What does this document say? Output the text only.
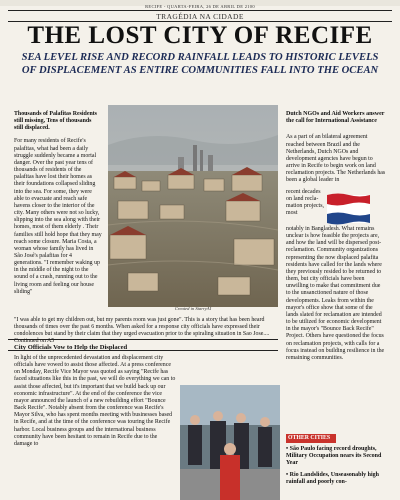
RECIFE - QUARTA-FEIRA, 26 DE ABRIL DE 2100
TRAGÉDIA NA CIDADE
THE LOST CITY OF RECIFE
SEA LEVEL RISE AND RECORD RAINFALL LEADS TO HISTORIC LEVELS OF DISPLACEMENT AS ENTIRE COMMUNITIES FALL INTO THE OCEAN

Thousands of Palafitas Residents still missing, Tens of thousands still displaced.

For many residents of Recife's palafitas, what had been a daily struggle suddenly became a mortal danger. Over the past year tens of thousands of residents of the palafitas have lost their homes as their foundations collapsed sliding into the sea. For some, they were able to evacuate and reach safe havens closer to the interior of the city. Many others were not so lucky, slipping into the sea along with their homes, most of them elderly . Their families still hold hope that they may reach some closure. Maria Costa, a woman whose family has lived in São José's palafitas for 4 generations. "I remember waking up in the middle of the night to the sound of a crash, running out to the living room and feeling our house sliding"

Created in StarryAI

"I was able to get my children out, but my parents room was just gone". This is a story that has been heard thousands of times over the past 6 months. When asked for a response city officials have expressed their condolences but stand by their claim that they urged evacuation prior to the spiraling situation in Sao Jose.... Continued on A5

Dutch NGOs and Aid Workers answer the call for International Assistance

As a part of an bilateral agreement reached between Brazil and the Netherlands, Dutch NGOs and development agencies have begun to arrive in Recife to begin work on land reclamation projects. The Netherlands has been a global leader in

recent decades on land recla- mation projects, most

notably in Bangladesh. What remains unclear is how feasible the projects are, and how the land will be dispersed post-reclamation. Community organizations representing the now displaced palafita residents have called for the lands where they previously resided to be returned to them, but city officials have been unwilling to make that commitment due to the unsanctioned nature of those developments. Leaks from within the mayor's office show that some of the lands slated for reclamation are intended to be utilized for economic development in the mayor's "Bounce Back Recife" Project. Others have questioned the focus on reclamation projects, with calls for a focus instead on building resilience in the remaining communities.

City Officials Vow to Help the Displaced

In light of the unprecedented devastation and displacement city officials have vowed to assist those affected. At a press conference on Monday, Recife Vice Mayor was quoted as saying "Recife has faced situations like this in the past, we will do everything we can to assist those affected, but it's important that we build back up our economic infrastructure". At the end of the conference the vice mayor announced the launch of a new rebuilding effort "Bounce Back Recife". Notably absent from the conference was Recife's Mayor Silva, who has spent months meeting with businesses based in Recife, and at the time of the conference was touring the Recife harbor. Local business groups and the international business community have been hesitant to remain in Recife due to the damage to

OTHER CITIES

• São Paulo facing record droughts, Military Occupation nears its Second Year

• Rio Landslides, Unseasonably high rainfall and poorly con-
